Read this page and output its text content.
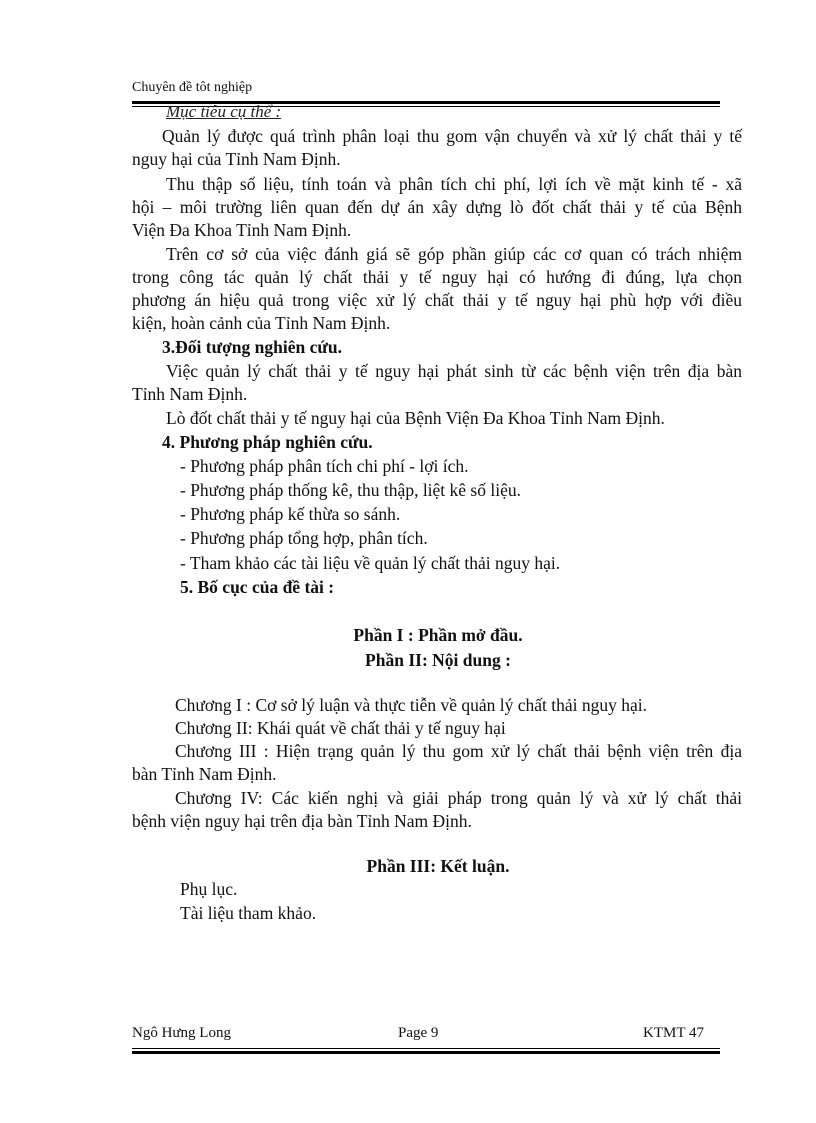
Chuyên đề tôt nghiệp
Mục tiêu cụ thể :
Quản lý được quá trình phân loại thu gom vận chuyển và xử lý chất thải y tế
nguy hại của Tỉnh Nam Định.
Thu thập số liệu, tính toán và phân tích chi phí, lợi ích về mặt kinh tế - xã
hội – môi trường liên quan đến dự án xây dựng lò đốt chất thải y tế của Bệnh
Viện Đa Khoa Tỉnh Nam Định.
Trên cơ sở của việc đánh giá sẽ góp phần giúp các cơ quan có trách nhiệm
trong công tác quản lý chất thải y tế nguy hại có hướng đi đúng, lựa chọn
phương án hiệu quả trong việc xử lý chất thải y tế nguy hại phù hợp với điều
kiện, hoàn cảnh của Tỉnh Nam Định.
3.Đối tượng nghiên cứu.
Việc quản lý chất thải y tế nguy hại phát sinh từ các bệnh viện trên địa bàn
Tỉnh Nam Định.
Lò đốt chất thải y tế nguy hại của Bệnh Viện Đa Khoa Tỉnh Nam Định.
4. Phương pháp nghiên cứu.
- Phương pháp phân tích chi phí - lợi ích.
- Phương pháp thống kê, thu thập, liệt kê số liệu.
- Phương pháp kế thừa so sánh.
- Phương pháp tổng hợp, phân tích.
- Tham khảo các tài liệu về quản lý chất thải nguy hại.
5. Bố cục của đề tài :
Phần I : Phần mở đầu.
Phần II: Nội dung :
Chương I : Cơ sở lý luận và thực tiễn về quản lý chất thải nguy hại.
Chương II: Khái quát về chất thải y tế nguy hại
Chương III : Hiện trạng quản lý thu gom xử lý chất thải bệnh viện trên địa
bàn Tỉnh Nam Định.
Chương IV: Các kiến nghị và giải pháp trong quản lý và xử lý chất thải
bệnh viện nguy hại trên địa bàn Tỉnh Nam Định.
Phần III: Kết luận.
Phụ lục.
Tài liệu tham khảo.
Ngô Hưng Long	Page 9	KTMT 47
